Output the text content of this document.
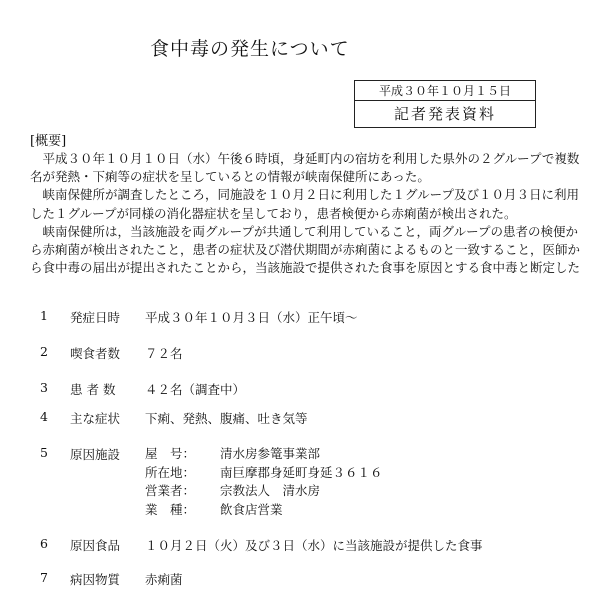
食中毒の発生について
平成３０年１０月１５日
記者発表資料
[概要]

　平成３０年１０月１０日（水）午後６時頃，身延町内の宿坊を利用した県外の２グループで複数名が発熱・下痢等の症状を呈しているとの情報が峡南保健所にあった。

　峡南保健所が調査したところ，同施設を１０月２日に利用した１グループ及び１０月３日に利用した１グループが同様の消化器症状を呈しており，患者検便から赤痢菌が検出された。

　峡南保健所は，当該施設を両グループが共通して利用していること，両グループの患者の検便から赤痢菌が検出されたこと，患者の症状及び潜伏期間が赤痢菌によるものと一致すること，医師から食中毒の届出が提出されたことから，当該施設で提供された食事を原因とする食中毒と断定した

1 発症日時 平成３０年１０月３日（水）正午頃～
2 喫食者数 ７２名
3 患 者 数 ４２名（調査中）
4 主な症状 下痢、発熱、腹痛、吐き気等
5 原因施設 屋　号：	清水房参篭事業部
所在地：	南巨摩郡身延町身延３６１６
営業者：	宗教法人　清水房
業　種：	飲食店営業
6 原因食品 １０月２日（火）及び３日（水）に当該施設が提供した食事
7 病因物質 赤痢菌
